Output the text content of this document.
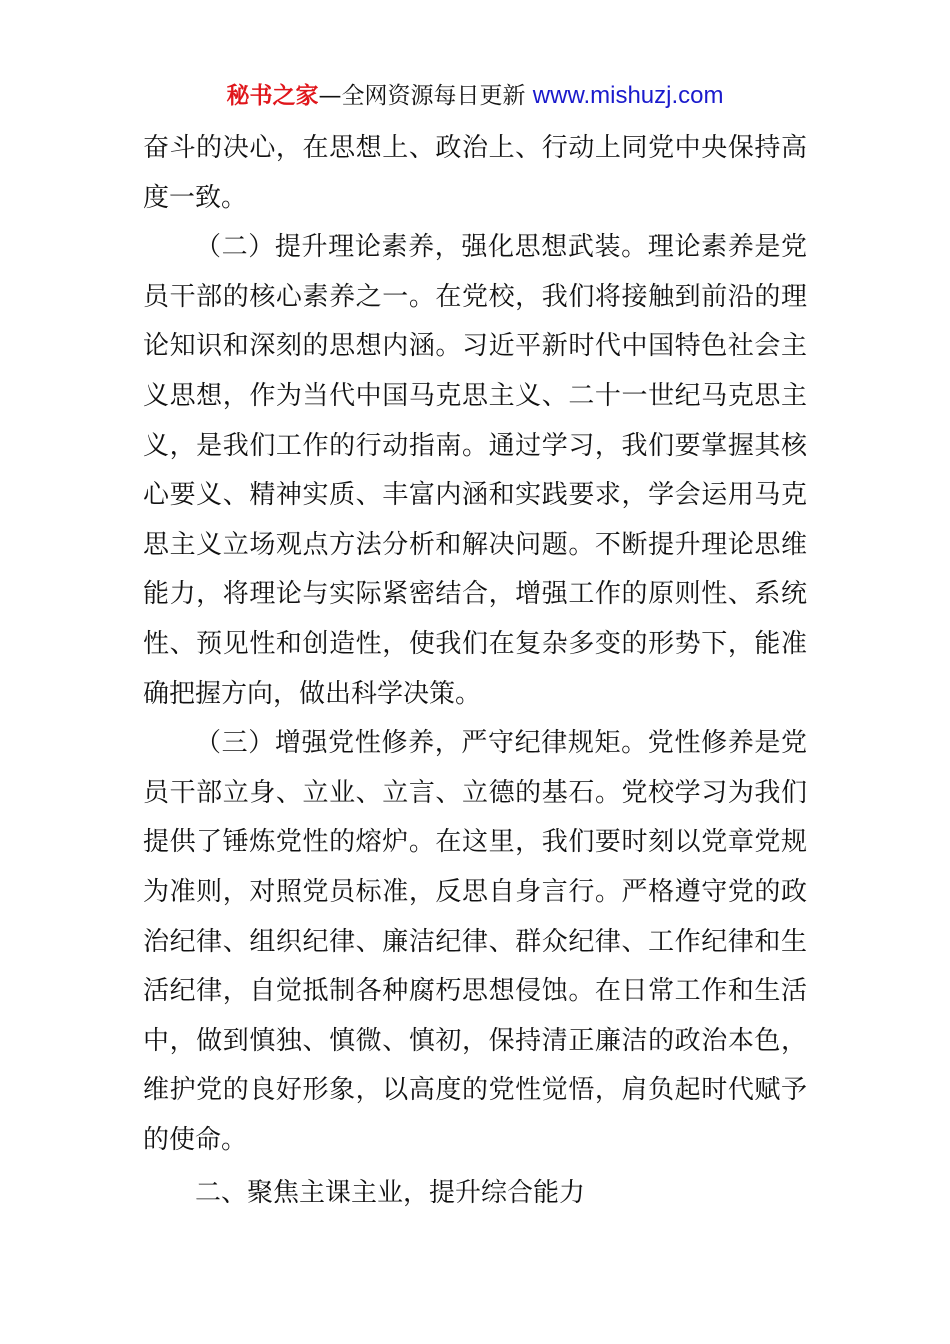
秘书之家—全网资源每日更新 www.mishuzj.com

奋斗的决心，在思想上、政治上、行动上同党中央保持高度一致。

（二）提升理论素养，强化思想武装。理论素养是党员干部的核心素养之一。在党校，我们将接触到前沿的理论知识和深刻的思想内涵。习近平新时代中国特色社会主义思想，作为当代中国马克思主义、二十一世纪马克思主义，是我们工作的行动指南。通过学习，我们要掌握其核心要义、精神实质、丰富内涵和实践要求，学会运用马克思主义立场观点方法分析和解决问题。不断提升理论思维能力，将理论与实际紧密结合，增强工作的原则性、系统性、预见性和创造性，使我们在复杂多变的形势下，能准确把握方向，做出科学决策。

（三）增强党性修养，严守纪律规矩。党性修养是党员干部立身、立业、立言、立德的基石。党校学习为我们提供了锤炼党性的熔炉。在这里，我们要时刻以党章党规为准则，对照党员标准，反思自身言行。严格遵守党的政治纪律、组织纪律、廉洁纪律、群众纪律、工作纪律和生活纪律，自觉抵制各种腐朽思想侵蚀。在日常工作和生活中，做到慎独、慎微、慎初，保持清正廉洁的政治本色，维护党的良好形象，以高度的党性觉悟，肩负起时代赋予的使命。

二、聚焦主课主业，提升综合能力
